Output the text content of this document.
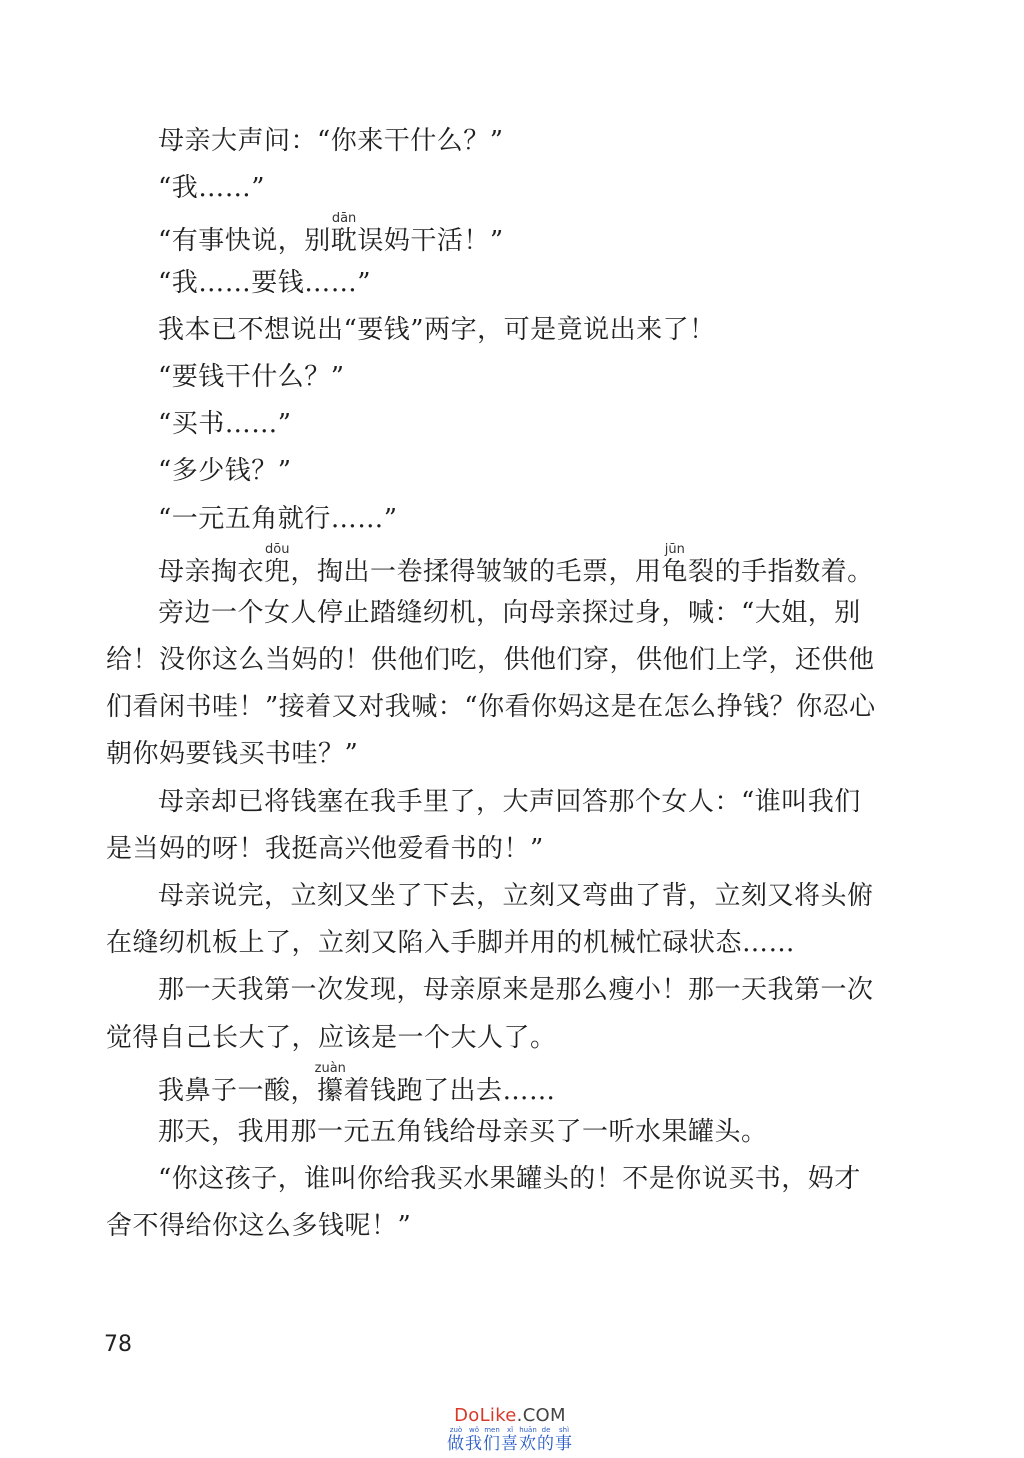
母亲大声问：“你来干什么？”
“我……”
“有事快说，别耽dān误妈干活！”
“我……要钱……”
我本已不想说出“要钱”两字，可是竟说出来了！
“要钱干什么？”
“买书……”
“多少钱？”
“一元五角就行……”
母亲掏衣兜dōu，掏出一卷揉得皱皱的毛票，用龟jūn裂的手指数着。
旁边一个女人停止踏缝纫机，向母亲探过身，喊：“大姐，别
给！没你这么当妈的！供他们吃，供他们穿，供他们上学，还供他
们看闲书哇！”接着又对我喊：“你看你妈这是在怎么挣钱？你忍心
朝你妈要钱买书哇？”
母亲却已将钱塞在我手里了，大声回答那个女人：“谁叫我们
是当妈的呀！我挺高兴他爱看书的！”
母亲说完，立刻又坐了下去，立刻又弯曲了背，立刻又将头俯
在缝纫机板上了，立刻又陷入手脚并用的机械忙碌状态……
那一天我第一次发现，母亲原来是那么瘦小！那一天我第一次
觉得自己长大了，应该是一个大人了。
我鼻子一酸，攥zuàn着钱跑了出去……
那天，我用那一元五角钱给母亲买了一听水果罐头。
“你这孩子，谁叫你给我买水果罐头的！不是你说买书，妈才
舍不得给你这么多钱呢！”
78
DoLike.COM
做zuò我wǒ们men喜xǐ欢huān的de事shì
